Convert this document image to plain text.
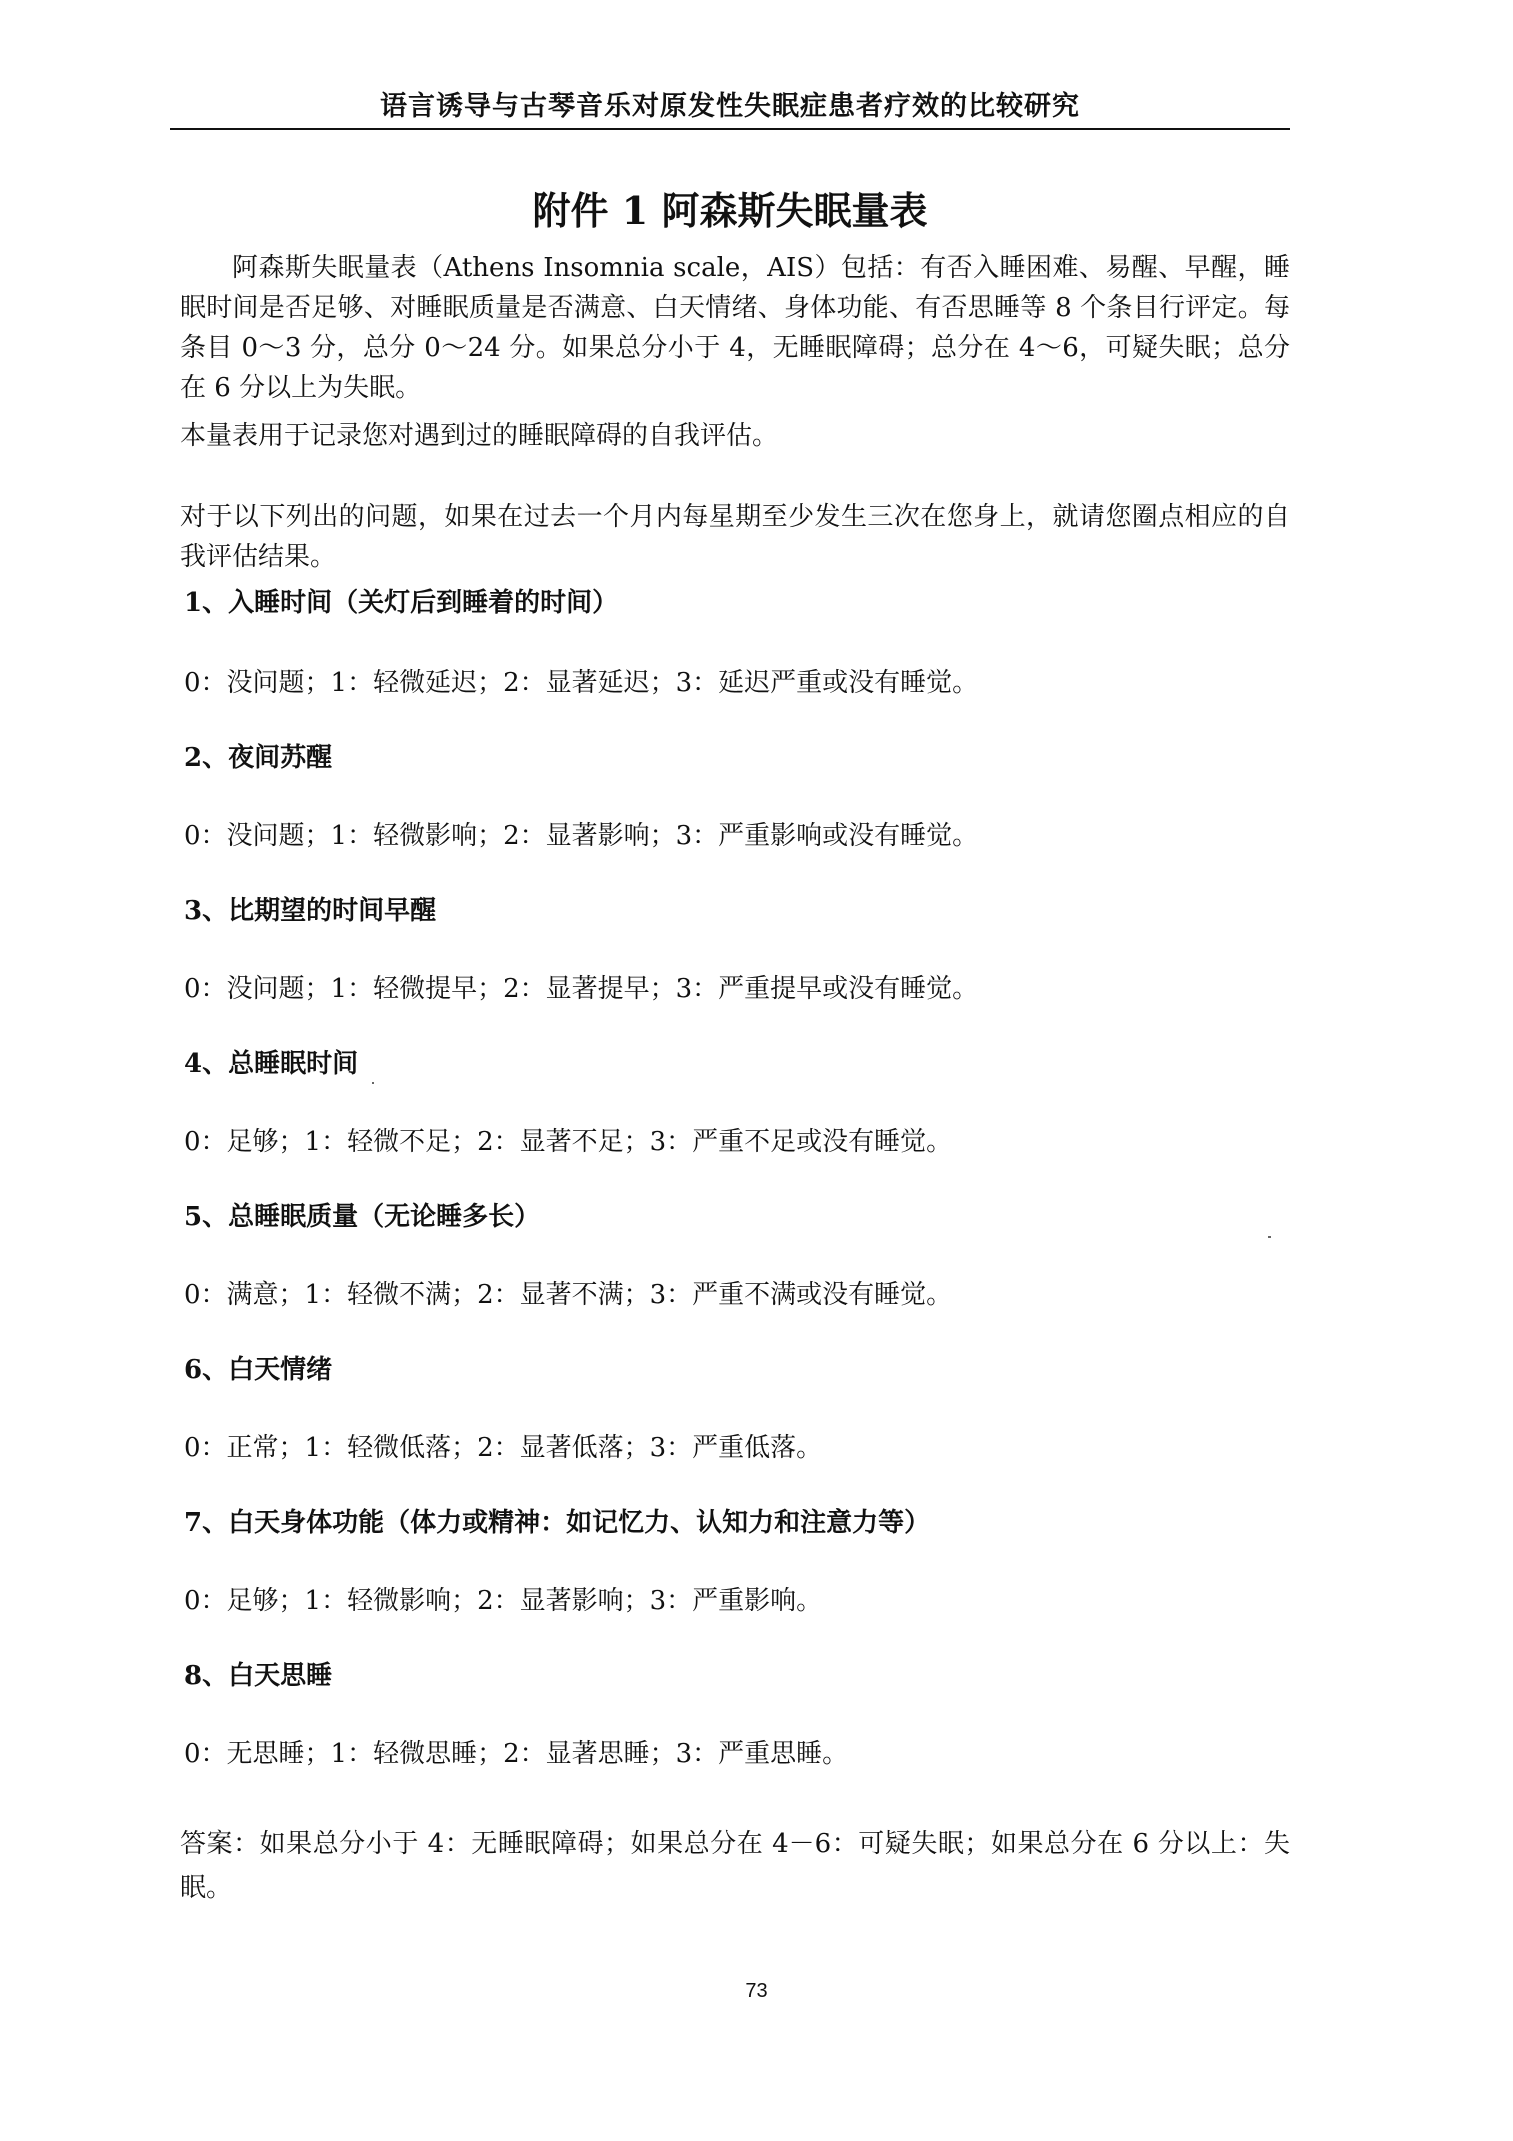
语言诱导与古琴音乐对原发性失眠症患者疗效的比较研究
附件 1 阿森斯失眠量表
阿森斯失眠量表（Athens Insomnia scale，AIS）包括：有否入睡困难、易醒、早醒，睡眠时间是否足够、对睡眠质量是否满意、白天情绪、身体功能、有否思睡等 8 个条目行评定。每条目 0～3 分，总分 0～24 分。如果总分小于 4，无睡眠障碍；总分在 4～6，可疑失眠；总分在 6 分以上为失眠。
本量表用于记录您对遇到过的睡眠障碍的自我评估。
对于以下列出的问题，如果在过去一个月内每星期至少发生三次在您身上，就请您圈点相应的自我评估结果。
1、入睡时间（关灯后到睡着的时间）
0：没问题；1：轻微延迟；2：显著延迟；3：延迟严重或没有睡觉。
2、夜间苏醒
0：没问题；1：轻微影响；2：显著影响；3：严重影响或没有睡觉。
3、比期望的时间早醒
0：没问题；1：轻微提早；2：显著提早；3：严重提早或没有睡觉。
4、总睡眠时间
0：足够；1：轻微不足；2：显著不足；3：严重不足或没有睡觉。
5、总睡眠质量（无论睡多长）
0：满意；1：轻微不满；2：显著不满；3：严重不满或没有睡觉。
6、白天情绪
0：正常；1：轻微低落；2：显著低落；3：严重低落。
7、白天身体功能（体力或精神：如记忆力、认知力和注意力等）
0：足够；1：轻微影响；2：显著影响；3：严重影响。
8、白天思睡
0：无思睡；1：轻微思睡；2：显著思睡；3：严重思睡。
答案：如果总分小于 4：无睡眠障碍；如果总分在 4－6：可疑失眠；如果总分在 6 分以上：失眠。
73
